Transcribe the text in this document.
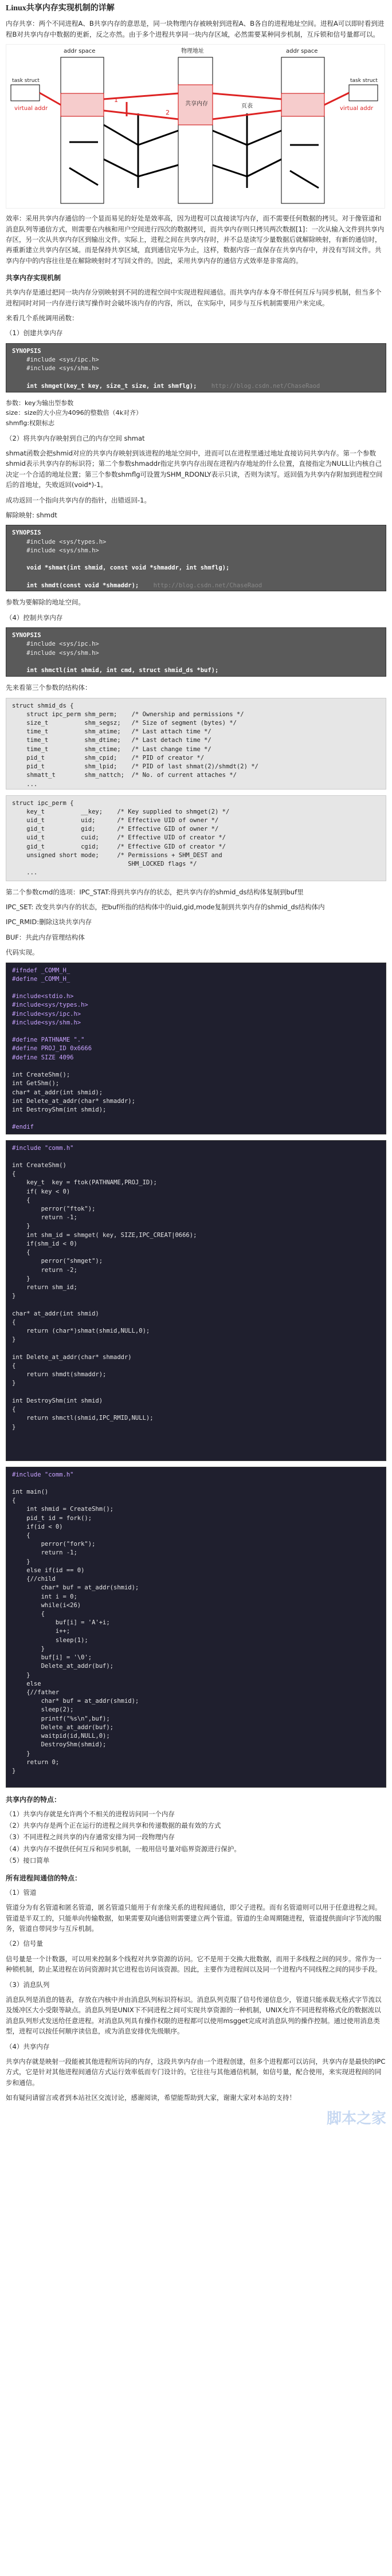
Linux共享内存实现机制的详解

内存共享：两个不同进程A、B共享内存的意思是，同一块物理内存被映射到进程A、B各自的进程地址空间。进程A可以即时看到进程B对共享内存中数据的更新，反之亦然。由于多个进程共享同一块内存区域，必然需要某种同步机制，互斥锁和信号量都可以。

addr space	物理地址	addr space
task struct	task struct
virtual addr	virtual addr
共享内存	页表
1
2

效率：采用共享内存通信的一个显而易见的好处是效率高，因为进程可以直接读写内存，而不需要任何数据的拷贝。对于像管道和消息队列等通信方式，则需要在内核和用户空间进行四次的数据拷贝，而共享内存则只拷贝两次数据[1]：一次从输入文件到共享内存区，另一次从共享内存区到输出文件。实际上，进程之间在共享内存时，并不总是读写少量数据后就解除映射，有新的通信时，再重新建立共享内存区域。而是保持共享区域，直到通信完毕为止，这样，数据内容一直保存在共享内存中，并没有写回文件。共享内存中的内容往往是在解除映射时才写回文件的。因此，采用共享内存的通信方式效率是非常高的。

共享内存实现机制

共享内存是通过把同一块内存分别映射到不同的进程空间中实现进程间通信。而共享内存本身不带任何互斥与同步机制，但当多个进程同时对同一内存进行读写操作时会破坏该内存的内容，所以，在实际中，同步与互斥机制需要用户来完成。

来看几个系统调用函数：

（1）创建共享内存

SYNOPSIS
#include <sys/ipc.h>
#include <sys/shm.h>

int shmget(key_t key, size_t size, int shmflg); http://blog.csdn.net/ChaseRaod

参数：key为输出型参数
size：size的大小应为4096的整数倍（4k对齐）
shmflg:权限标志

（2）将共享内存映射到自己的内存空间 shmat

shmat函数会把shmid对应的共享内存映射到该进程的地址空间中，进而可以在进程里通过地址直接访问共享内存。第一个参数shmid表示共享内存的标识符；第二个参数shmaddr指定共享内存出现在进程内存地址的什么位置，直接指定为NULL让内核自己决定一个合适的地址位置；第三个参数shmflg可设置为SHM_RDONLY表示只读，否则为读写。返回值为共享内存附加到进程空间后的首地址，失败返回(void*)-1。

成功返回一个指向共享内存的指针，出错返回-1。

解除映射: shmdt

SYNOPSIS
#include <sys/types.h>
#include <sys/shm.h>

void *shmat(int shmid, const void *shmaddr, int shmflg);

int shmdt(const void *shmaddr); http://blog.csdn.net/ChaseRaod

参数为要解除的地址空间。

（4）控制共享内存

SYNOPSIS
#include <sys/ipc.h>
#include <sys/shm.h>

int shmctl(int shmid, int cmd, struct shmid_ds *buf);

先来看第三个参数的结构体：

struct shmid_ds {
struct ipc_perm shm_perm;    /* Ownership and permissions */
size_t          shm_segsz;   /* Size of segment (bytes) */
time_t          shm_atime;   /* Last attach time */
time_t          shm_dtime;   /* Last detach time */
time_t          shm_ctime;   /* Last change time */
pid_t           shm_cpid;    /* PID of creator */
pid_t           shm_lpid;    /* PID of last shmat(2)/shmdt(2) */
shmatt_t        shm_nattch;  /* No. of current attaches */
...
struct ipc_perm {
key_t          __key;    /* Key supplied to shmget(2) */
uid_t          uid;      /* Effective UID of owner */
gid_t          gid;      /* Effective GID of owner */
uid_t          cuid;     /* Effective UID of creator */
gid_t          cgid;     /* Effective GID of creator */
unsigned short mode;     /* Permissions + SHM_DEST and
SHM_LOCKED flags */
...

第二个参数cmd的选项：IPC_STAT:得到共享内存的状态，把共享内存的shmid_ds结构体复制到buf里

IPC_SET: 改变共享内存的状态，把buf所指的结构体中的uid,gid,mode复制到共享内存的shmid_ds结构体内

IPC_RMID:删除这块共享内存

BUF：共此内存管理结构体

代码实现。

#ifndef _COMM_H_
#define _COMM_H_

#include<stdio.h>
#include<sys/types.h>
#include<sys/ipc.h>
#include<sys/shm.h>

#define PATHNAME "."
#define PROJ_ID 0x6666
#define SIZE 4096

int CreateShm();
int GetShm();
char* at_addr(int shmid);
int Delete_at_addr(char* shmaddr);
int DestroyShm(int shmid);

#endif
#include "comm.h"

int CreateShm()
{
key_t  key = ftok(PATHNAME,PROJ_ID);
if( key < 0)
{
perror("ftok");
return -1;
}
int shm_id = shmget( key, SIZE,IPC_CREAT|0666);
if(shm_id < 0)
{
perror("shmget");
return -2;
}
return shm_id;
}

char* at_addr(int shmid)
{
return (char*)shmat(shmid,NULL,0);
}

int Delete_at_addr(char* shmaddr)
{
return shmdt(shmaddr);
}

int DestroyShm(int shmid)
{
return shmctl(shmid,IPC_RMID,NULL);
}
#include "comm.h"

int main()
{
int shmid = CreateShm();
pid_t id = fork();
if(id < 0)
{
perror("fork");
return -1;
}
else if(id == 0)
{//child
char* buf = at_addr(shmid);
int i = 0;
while(i<26)
{
buf[i] = 'A'+i;
i++;
sleep(1);
}
buf[i] = '\0';
Delete_at_addr(buf);
}
else
{//father
char* buf = at_addr(shmid);
sleep(2);
printf("%s\n",buf);
Delete_at_addr(buf);
waitpid(id,NULL,0);
DestroyShm(shmid);
}
return 0;
}
共享内存的特点：
（1）共享内存就是允许两个不相关的进程访问同一个内存
（2）共享内存是两个正在运行的进程之间共享和传递数据的最有效的方式
（3）不同进程之间共享的内存通常安排为同一段物理内存
（4）共享内存不提供任何互斥和同步机制，一般用信号量对临界资源进行保护。
（5）接口简单
所有进程间通信的特点：

（1）管道

管道分为有名管道和匿名管道，匿名管道只能用于有亲缘关系的进程间通信，即父子进程。而有名管道则可以用于任意进程之间。管道是半双工的，只能单向传输数据，如果需要双向通信则需要建立两个管道。管道的生命周期随进程，管道提供面向字节流的服务，管道自带同步与互斥机制。

（2）信号量

信号量是一个计数器，可以用来控制多个线程对共享资源的访问。它不是用于交换大批数据，而用于多线程之间的同步。常作为一种锁机制，防止某进程在访问资源时其它进程也访问该资源。因此，主要作为进程间以及同一个进程内不同线程之间的同步手段。

（3）消息队列

消息队列是消息的链表，存放在内核中并由消息队列标识符标识。消息队列克服了信号传递信息少，管道只能承载无格式字节流以及缓冲区大小受限等缺点。消息队列是UNIX下不同进程之间可实现共享资源的一种机制，UNIX允许不同进程将格式化的数据流以消息队列形式发送给任意进程。对消息队列具有操作权限的进程都可以使用msgget完成对消息队列的操作控制。通过使用消息类型，进程可以按任何顺序读信息，或为消息安排优先级顺序。

（4）共享内存

共享内存就是映射一段能被其他进程所访问的内存，这段共享内存由一个进程创建，但多个进程都可以访问，共享内存是最快的IPC方式，它是针对其他进程间通信方式运行效率低而专门设计的。它往往与其他通信机制，如信号量，配合使用，来实现进程间的同步和通信。

如有疑问请留言或者到本站社区交流讨论，感谢阅读，希望能帮助到大家，谢谢大家对本站的支持！

脚本之家
